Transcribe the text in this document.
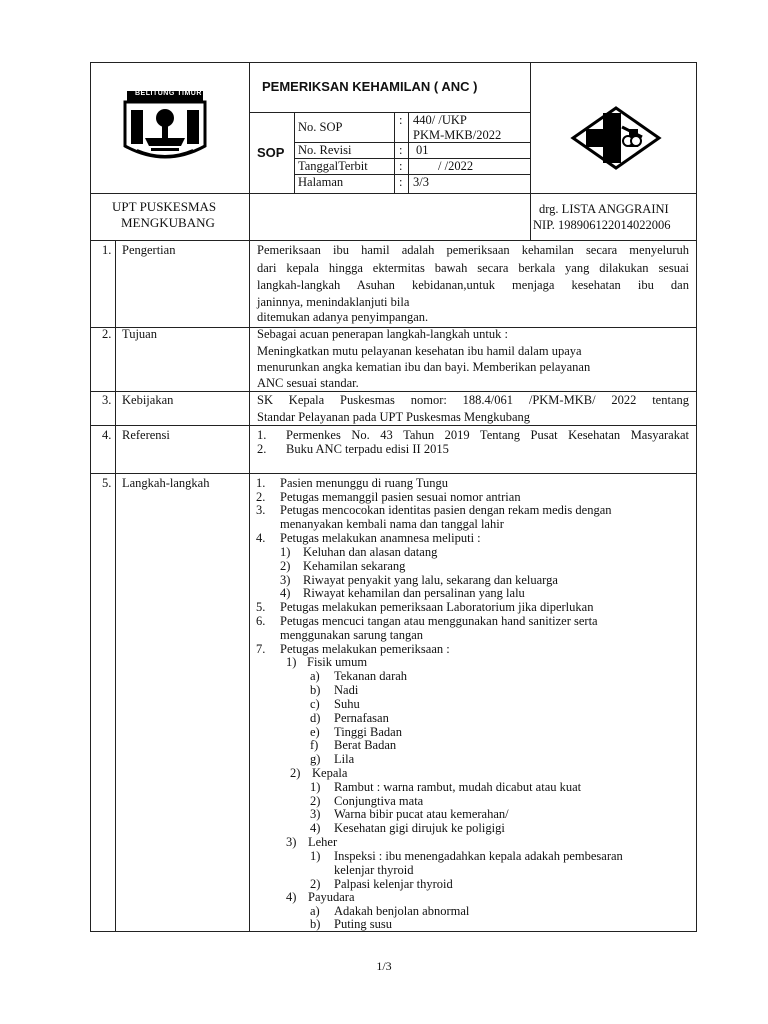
BELITUNG TIMUR	PEMERIKSAN KEHAMILAN ( ANC )
SOP
No. SOP	: 440/ /UKP
PKM-MKB/2022
No. Revisi	: 01
TanggalTerbit :	/ /2022
Halaman	: 3/3
UPT PUSKESMAS
MENGKUBANG
drg. LISTA ANGGRAINI
NIP. 198906122014022006
1. Pengertian	Pemeriksaan ibu hamil adalah pemeriksaan kehamilan secara menyeluruh
dari kepala hingga ektermitas bawah secara berkala yang dilakukan sesuai
langkah-langkah Asuhan kebidanan,untuk menjaga kesehatan ibu dan
janinnya, menindaklanjuti bila
ditemukan adanya penyimpangan.
2. Tujuan	Sebagai acuan penerapan langkah-langkah untuk :
Meningkatkan mutu pelayanan kesehatan ibu hamil dalam upaya
menurunkan angka kematian ibu dan bayi. Memberikan pelayanan
ANC sesuai standar.
3. Kebijakan	SK Kepala Puskesmas nomor: 188.4/061 /PKM-MKB/ 2022 tentang
Standar Pelayanan pada UPT Puskesmas Mengkubang
4. Referensi	1. Permenkes No. 43 Tahun 2019 Tentang Pusat Kesehatan Masyarakat
2. Buku ANC terpadu edisi II 2015
5. Langkah-langkah	1. Pasien menunggu di ruang Tungu
2. Petugas memanggil pasien sesuai nomor antrian
3. Petugas mencocokan identitas pasien dengan rekam medis dengan
menanyakan kembali nama dan tanggal lahir
4. Petugas melakukan anamnesa meliputi :
1) Keluhan dan alasan datang
2) Kehamilan sekarang
3) Riwayat penyakit yang lalu, sekarang dan keluarga
4) Riwayat kehamilan dan persalinan yang lalu
5. Petugas melakukan pemeriksaan Laboratorium jika diperlukan
6. Petugas mencuci tangan atau menggunakan hand sanitizer serta
menggunakan sarung tangan
7. Petugas melakukan pemeriksaan :
1) Fisik umum
a) Tekanan darah
b) Nadi
c) Suhu
d) Pernafasan
e) Tinggi Badan
f) Berat Badan
g) Lila
2) Kepala
1) Rambut : warna rambut, mudah dicabut atau kuat
2) Conjungtiva mata
3) Warna bibir pucat atau kemerahan/
4) Kesehatan gigi dirujuk ke poligigi
3) Leher
1) Inspeksi : ibu menengadahkan kepala adakah pembesaran
kelenjar thyroid
2) Palpasi kelenjar thyroid
4) Payudara
a) Adakah benjolan abnormal
b) Puting susu
1/3
